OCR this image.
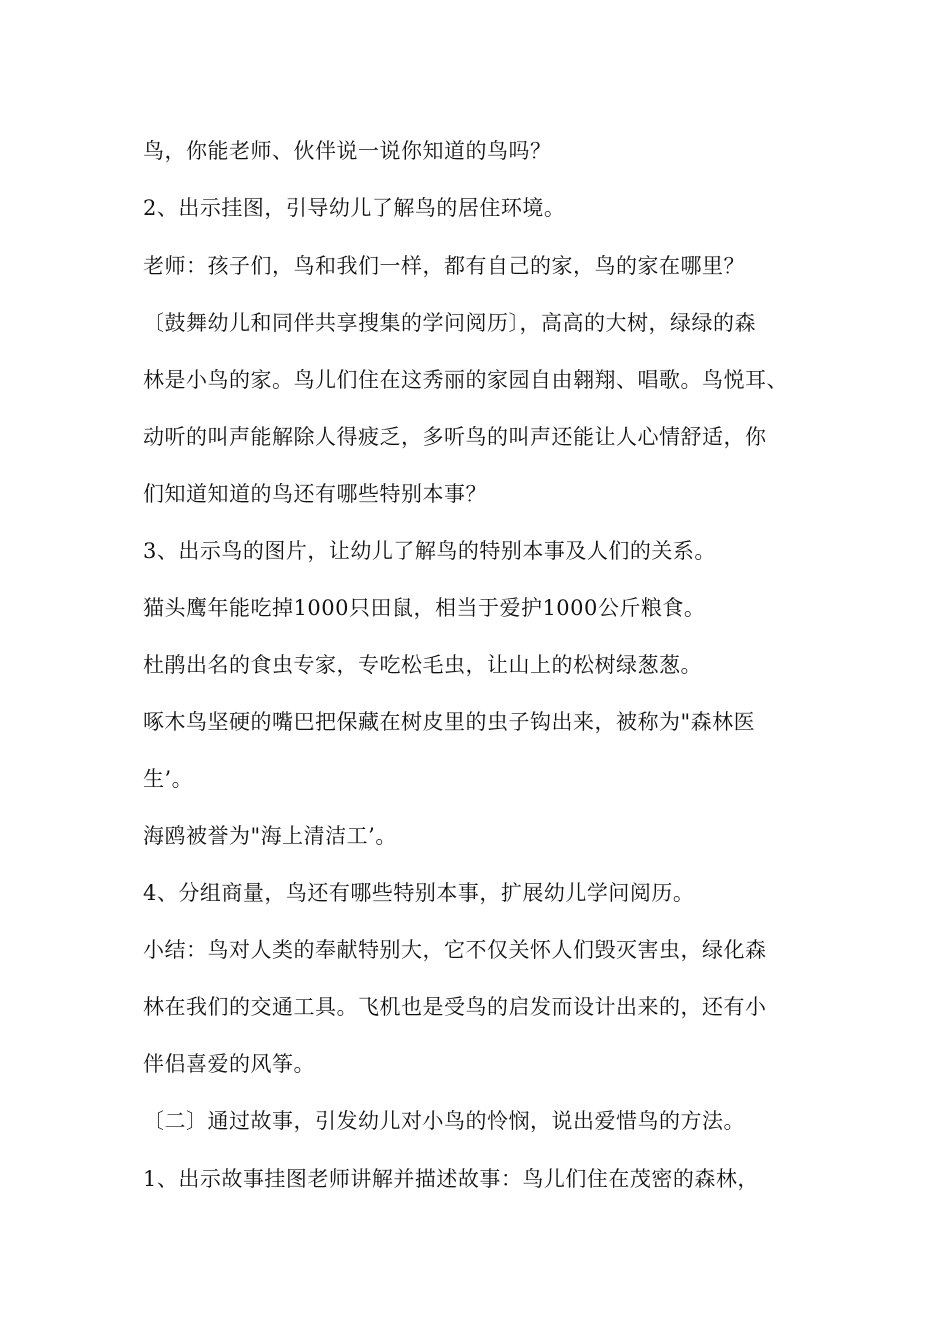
鸟，你能老师、伙伴说一说你知道的鸟吗？
2、出示挂图，引导幼儿了解鸟的居住环境。
老师：孩子们，鸟和我们一样，都有自己的家，鸟的家在哪里？
〔鼓舞幼儿和同伴共享搜集的学问阅历〕，高高的大树，绿绿的森
林是小鸟的家。鸟儿们住在这秀丽的家园自由翱翔、唱歌。鸟悦耳、
动听的叫声能解除人得疲乏，多听鸟的叫声还能让人心情舒适，你
们知道知道的鸟还有哪些特别本事？
3、出示鸟的图片，让幼儿了解鸟的特别本事及人们的关系。
猫头鹰年能吃掉1000只田鼠，相当于爱护1000公斤粮食。
杜鹃出名的食虫专家，专吃松毛虫，让山上的松树绿葱葱。
啄木鸟坚硬的嘴巴把保藏在树皮里的虫子钩出来，被称为"森林医
生’。
海鸥被誉为"海上清洁工’。
4、分组商量，鸟还有哪些特别本事，扩展幼儿学问阅历。
小结：鸟对人类的奉献特别大，它不仅关怀人们毁灭害虫，绿化森
林在我们的交通工具。飞机也是受鸟的启发而设计出来的，还有小
伴侣喜爱的风筝。
〔二〕通过故事，引发幼儿对小鸟的怜悯，说出爱惜鸟的方法。
1、出示故事挂图老师讲解并描述故事：鸟儿们住在茂密的森林，
